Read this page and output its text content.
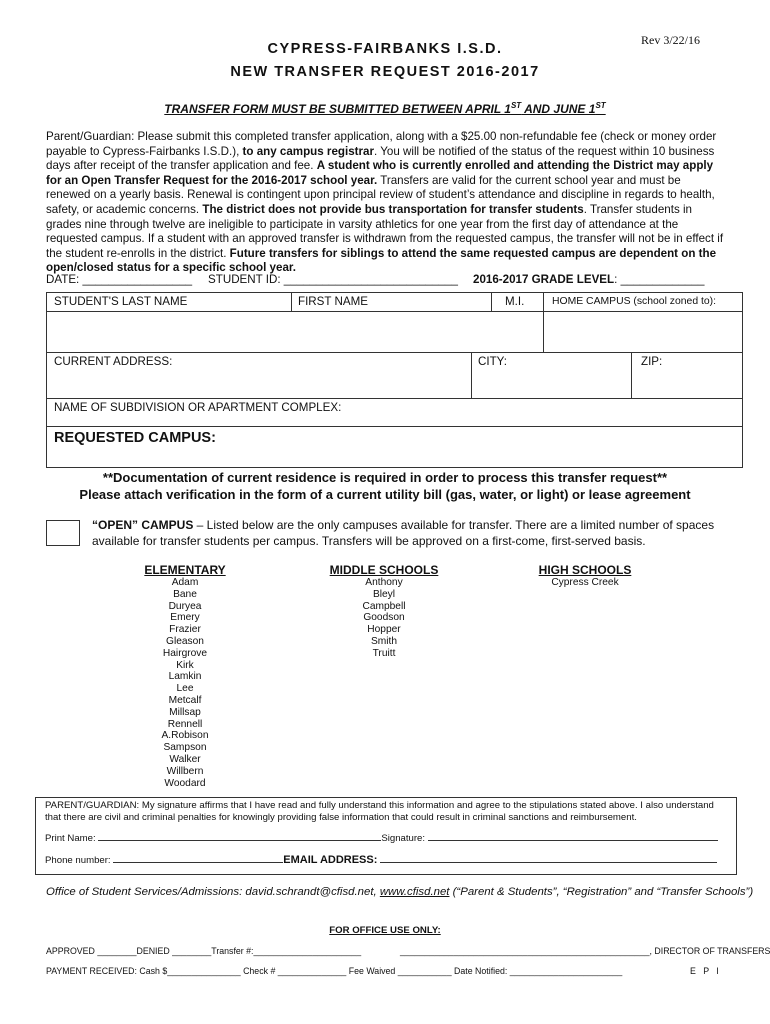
Rev 3/22/16
CYPRESS-FAIRBANKS I.S.D.
NEW TRANSFER REQUEST 2016-2017
TRANSFER FORM MUST BE SUBMITTED BETWEEN APRIL 1ST AND JUNE 1ST
Parent/Guardian: Please submit this completed transfer application, along with a $25.00 non-refundable fee (check or money order payable to Cypress-Fairbanks I.S.D.), to any campus registrar. You will be notified of the status of the request within 10 business days after receipt of the transfer application and fee. A student who is currently enrolled and attending the District may apply for an Open Transfer Request for the 2016-2017 school year. Transfers are valid for the current school year and must be renewed on a yearly basis. Renewal is contingent upon principal review of student’s attendance and discipline in regards to health, safety, or academic concerns. The district does not provide bus transportation for transfer students. Transfer students in grades nine through twelve are ineligible to participate in varsity athletics for one year from the first day of attendance at the requested campus. If a student with an approved transfer is withdrawn from the requested campus, the transfer will not be in effect if the student re-enrolls in the district. Future transfers for siblings to attend the same requested campus are dependent on the open/closed status for a specific school year.
DATE: _________________ STUDENT ID: ___________________________ 2016-2017 GRADE LEVEL: _____________
STUDENT'S LAST NAME	FIRST NAME	M.I.	HOME CAMPUS (school zoned to):
CURRENT ADDRESS:	CITY:	ZIP:
NAME OF SUBDIVISION OR APARTMENT COMPLEX:
REQUESTED CAMPUS:
**Documentation of current residence is required in order to process this transfer request**
Please attach verification in the form of a current utility bill (gas, water, or light) or lease agreement
“OPEN” CAMPUS – Listed below are the only campuses available for transfer. There are a limited number of spaces available for transfer students per campus. Transfers will be approved on a first-come, first-served basis.
ELEMENTARY
Adam
Bane
Duryea
Emery
Frazier
Gleason
Hairgrove
Kirk
Lamkin
Lee
Metcalf
Millsap
Rennell
A.Robison
Sampson
Walker
Willbern
Woodard
MIDDLE SCHOOLS
Anthony
Bleyl
Campbell
Goodson
Hopper
Smith
Truitt
HIGH SCHOOLS
Cypress Creek
PARENT/GUARDIAN: My signature affirms that I have read and fully understand this information and agree to the stipulations stated above. I also understand that there are civil and criminal penalties for knowingly providing false information that could result in criminal sanctions and reimbursement.
Print Name:	Signature:
Phone number:	EMAIL ADDRESS:
Office of Student Services/Admissions: david.schrandt@cfisd.net, www.cfisd.net (“Parent & Students”, “Registration” and “Transfer Schools”)
FOR OFFICE USE ONLY:
APPROVED ________DENIED ________Transfer #:______________________	___________________________________________________, DIRECTOR OF TRANSFERS
PAYMENT RECEIVED: Cash $_______________ Check # ______________ Fee Waived ___________ Date Notified: _______________________	E   P   I
